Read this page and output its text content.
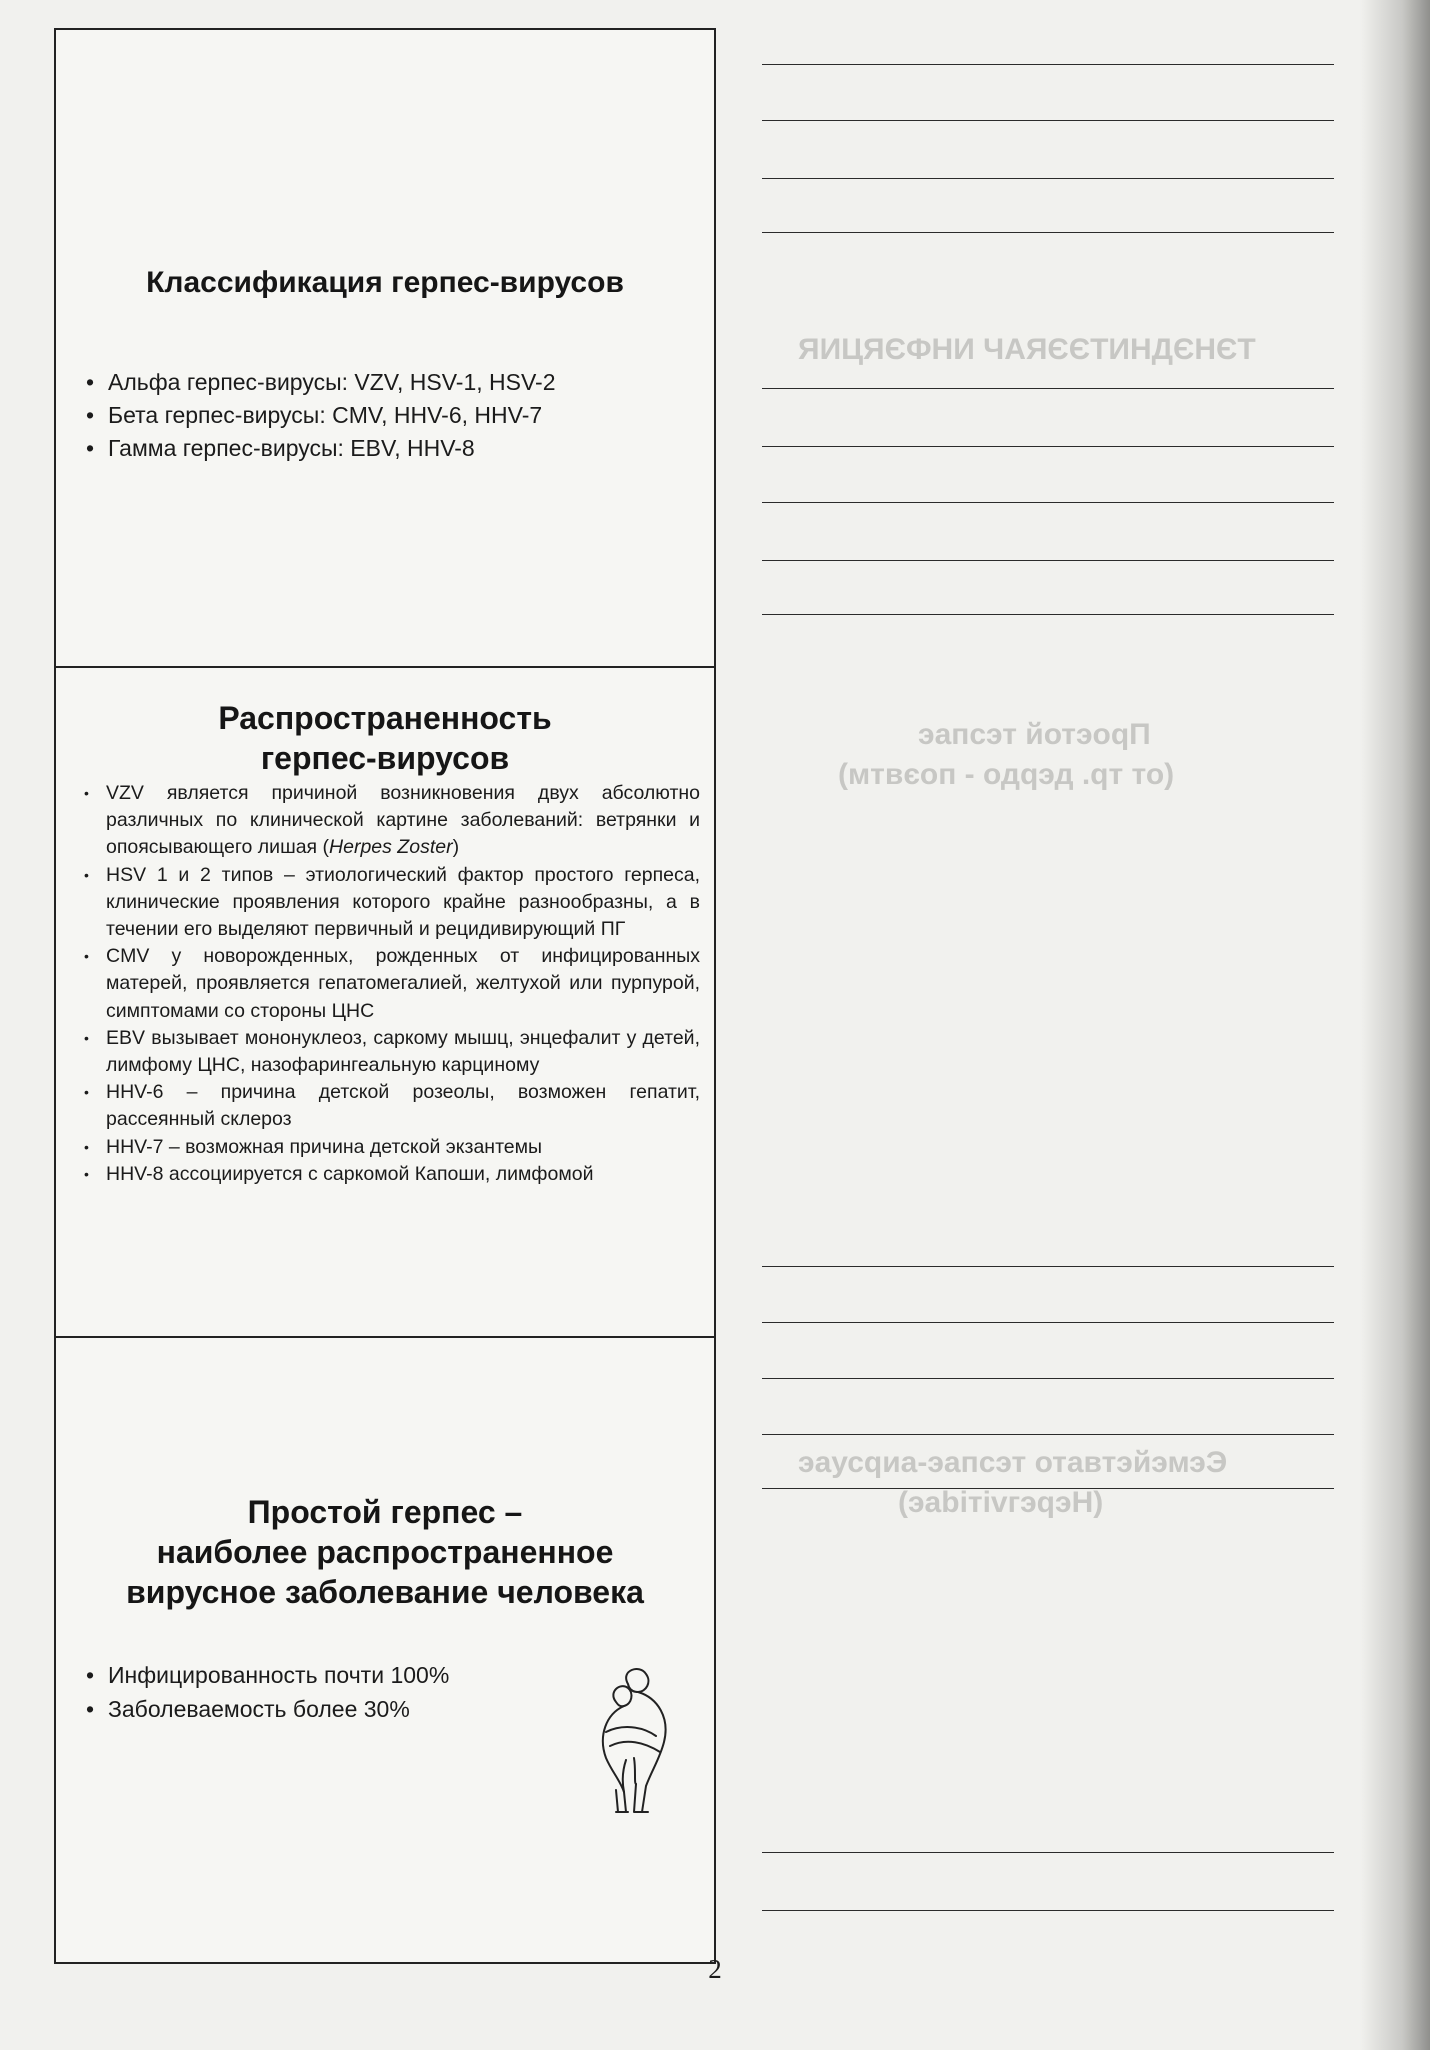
Классификация герпес-вирусов
• Альфа герпес-вирусы: VZV, HSV-1, HSV-2
• Бета герпес-вирусы: CMV, HHV-6, HHV-7
• Гамма герпес-вирусы: EBV, HHV-8
Распространенность
герпес-вирусов
• VZV является причиной возникновения двух абсолютно различных по клинической картине заболеваний: ветрянки и опоясывающего лишая (Herpes Zoster)
• HSV 1 и 2 типов – этиологический фактор простого герпеса, клинические проявления которого крайне разнообразны, а в течении его выделяют первичный и рецидивирующий ПГ
• CMV у новорожденных, рожденных от инфицированных матерей, проявляется гепатомегалией, желтухой или пурпурой, симптомами со стороны ЦНС
• EBV вызывает мононуклеоз, саркому мышц, энцефалит у детей, лимфому ЦНС, назофарингеальную карциному
• HHV-6 – причина детской розеолы, возможен гепатит, рассеянный склероз
• HHV-7 – возможная причина детской экзантемы
• HHV-8 ассоциируется с саркомой Капоши, лимфомой
Простой герпес –
наиболее распространенное
вирусное заболевание человека
• Инфицированность почти 100%
• Заболеваемость более 30%
ЯИЦЯЄФНИ ЧАЯЄЄТИНДЄНЄТ
эапсэт йотэоqП
(мтвєоп - одqэд .qт то)
эаусqиа-эапсэт отавтэйэмэЭ
(эаbітіvгэqэН)
2
